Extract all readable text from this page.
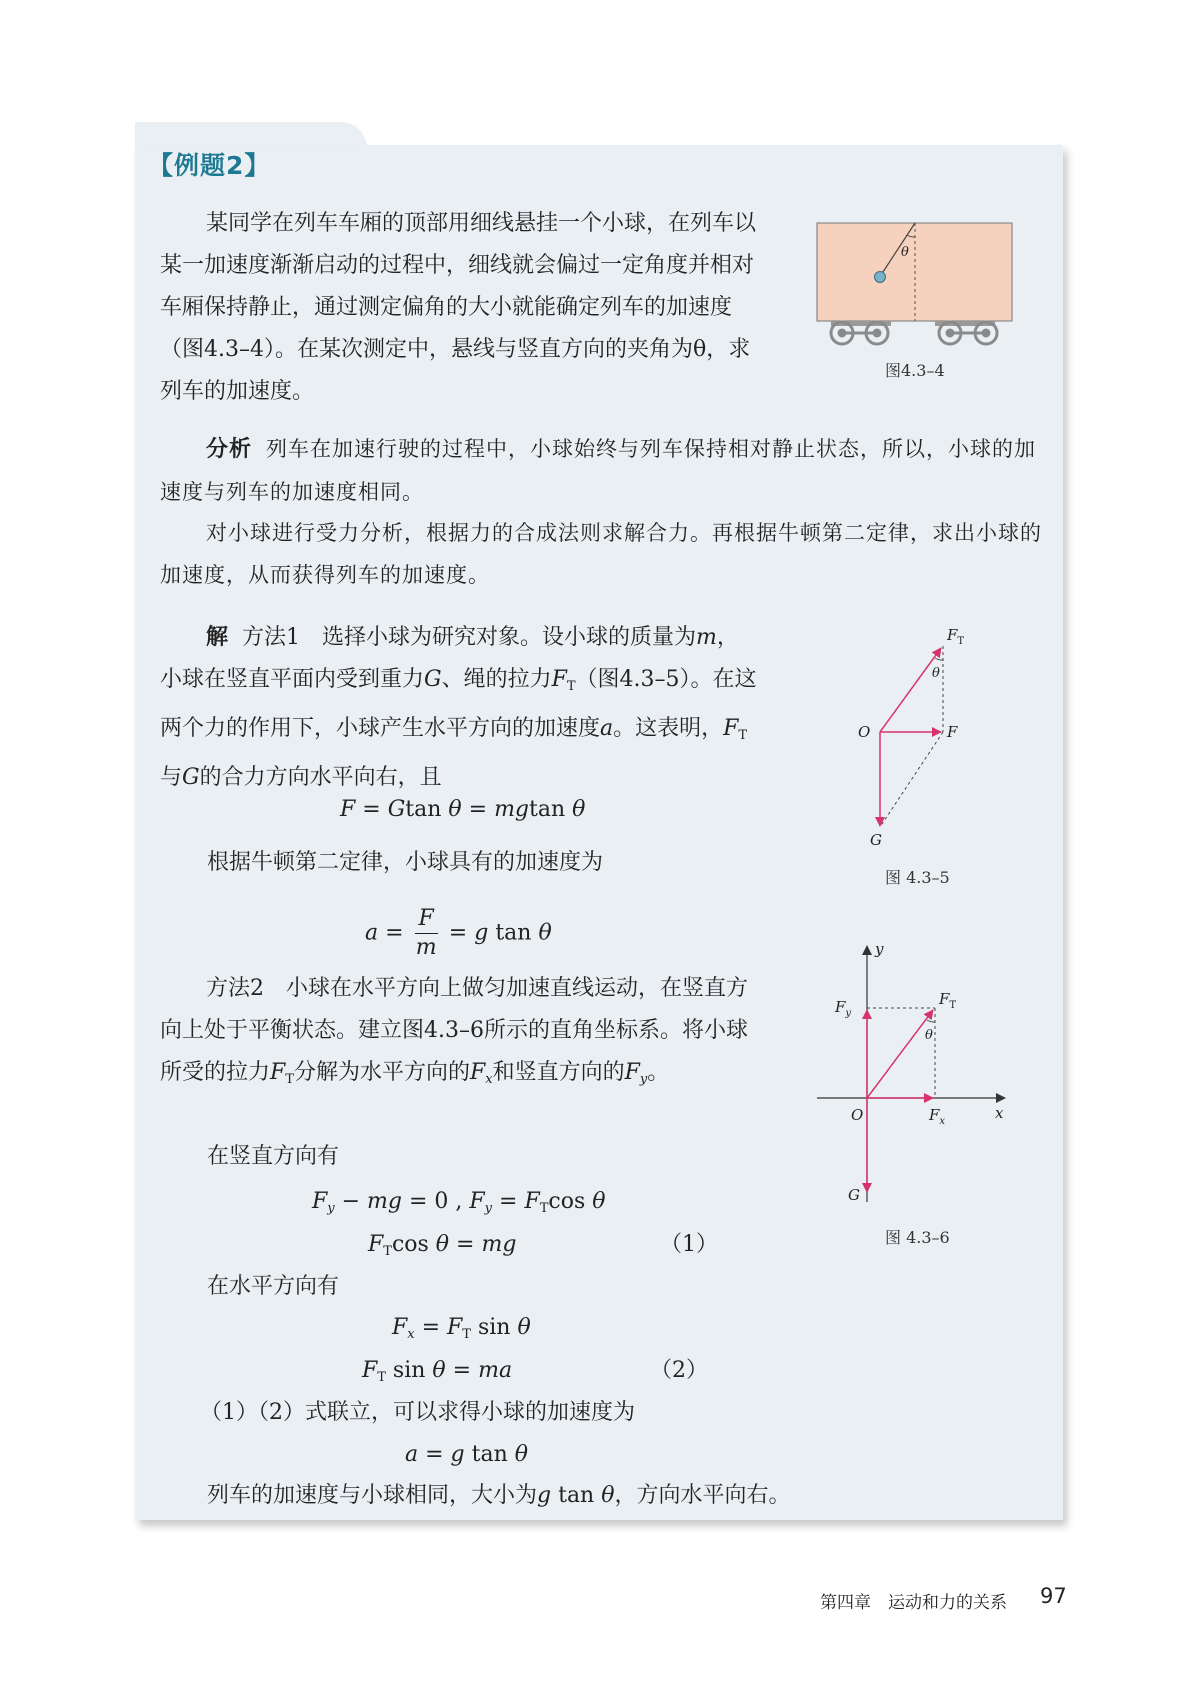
【例题2】

某同学在列车车厢的顶部用细线悬挂一个小球，在列车以某一加速度渐渐启动的过程中，细线就会偏过一定角度并相对车厢保持静止，通过测定偏角的大小就能确定列车的加速度（图4.3–4）。在某次测定中，悬线与竖直方向的夹角为θ，求列车的加速度。

θ

图4.3–4

分析 列车在加速行驶的过程中，小球始终与列车保持相对静止状态，所以，小球的加速度与列车的加速度相同。

对小球进行受力分析，根据力的合成法则求解合力。再根据牛顿第二定律，求出小球的加速度，从而获得列车的加速度。

解 方法1　选择小球为研究对象。设小球的质量为m，小球在竖直平面内受到重力G、绳的拉力$F_T$（图4.3–5）。在这两个力的作用下，小球产生水平方向的加速度a。这表明，$F_T$与G的合力方向水平向右，且

F = Gtan θ = mgtan θ

根据牛顿第二定律，小球具有的加速度为

$a = \frac{F}{m} = g$ tan θ

$F_T$
θ
O	F
G

图 4.3–5

方法2　小球在水平方向上做匀加速直线运动，在竖直方向上处于平衡状态。建立图4.3–6所示的直角坐标系。将小球所受的拉力$F_T$分解为水平方向的$F_x$和竖直方向的$F_y$。

在竖直方向有

$F_y$ − mg = 0 , $F_y = F_T\cos$ θ

$F_T\cos$ θ = mg	（1）

在水平方向有

$F_x = F_T$ sin θ

$F_T$ sin θ = ma	（2）

（1）（2）式联立，可以求得小球的加速度为

a = g tan θ

列车的加速度与小球相同，大小为g tan θ，方向水平向右。

y
x
$F_y$
$F_T$
θ
O	$F_x$
G

图 4.3–6

第四章　运动和力的关系 97
